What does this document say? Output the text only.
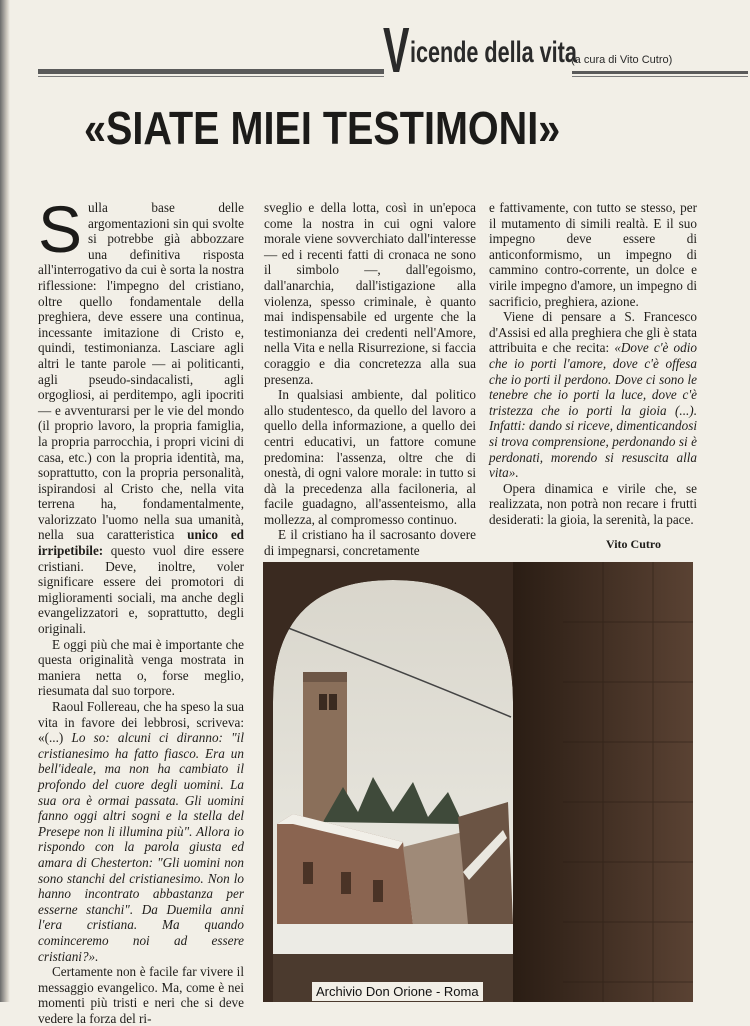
V icende della vita
(a cura di Vito Cutro)
«SIATE MIEI TESTIMONI»

Sulla base delle argomentazioni sin qui svolte si potrebbe già abbozzare una definitiva risposta all'interrogativo da cui è sorta la nostra riflessione: l'impegno del cristiano, oltre quello fondamentale della preghiera, deve essere una continua, incessante imitazione di Cristo e, quindi, testimonianza. Lasciare agli altri le tante parole — ai politicanti, agli pseudo-sindacalisti, agli orgogliosi, ai perditempo, agli ipocriti — e avventurarsi per le vie del mondo (il proprio lavoro, la propria famiglia, la propria parrocchia, i propri vicini di casa, etc.) con la propria identità, ma, soprattutto, con la propria personalità, ispirandosi al Cristo che, nella vita terrena ha, fondamentalmente, valorizzato l'uomo nella sua umanità, nella sua caratteristica unico ed irripetibile: questo vuol dire essere cristiani. Deve, inoltre, voler significare essere dei promotori di miglioramenti sociali, ma anche degli evangelizzatori e, soprattutto, degli originali.

E oggi più che mai è importante che questa originalità venga mostrata in maniera netta o, forse meglio, riesumata dal suo torpore.

Raoul Follereau, che ha speso la sua vita in favore dei lebbrosi, scriveva: «(...) Lo so: alcuni ci diranno: "il cristianesimo ha fatto fiasco. Era un bell'ideale, ma non ha cambiato il profondo del cuore degli uomini. La sua ora è ormai passata. Gli uomini fanno oggi altri sogni e la stella del Presepe non li illumina più". Allora io rispondo con la parola giusta ed amara di Chesterton: "Gli uomini non sono stanchi del cristianesimo. Non lo hanno incontrato abbastanza per esserne stanchi". Da Duemila anni l'era cristiana. Ma quando cominceremo noi ad essere cristiani?».

Certamente non è facile far vivere il messaggio evangelico. Ma, come è nei momenti più tristi e neri che si deve vedere la forza del ri-

sveglio e della lotta, così in un'epoca come la nostra in cui ogni valore morale viene sovverchiato dall'interesse — ed i recenti fatti di cronaca ne sono il simbolo —, dall'egoismo, dall'anarchia, dall'istigazione alla violenza, spesso criminale, è quanto mai indispensabile ed urgente che la testimonianza dei credenti nell'Amore, nella Vita e nella Risurrezione, si faccia coraggio e dia concretezza alla sua presenza.

In qualsiasi ambiente, dal politico allo studentesco, da quello del lavoro a quello della informazione, a quello dei centri educativi, un fattore comune predomina: l'assenza, oltre che di onestà, di ogni valore morale: in tutto si dà la precedenza alla faciloneria, al facile guadagno, all'assenteismo, alla mollezza, al compromesso continuo.

E il cristiano ha il sacrosanto dovere di impegnarsi, concretamente

e fattivamente, con tutto se stesso, per il mutamento di simili realtà. E il suo impegno deve essere di anticonformismo, un impegno di cammino contro-corrente, un dolce e virile impegno d'amore, un impegno di sacrificio, preghiera, azione.

Viene di pensare a S. Francesco d'Assisi ed alla preghiera che gli è stata attribuita e che recita: «Dove c'è odio che io porti l'amore, dove c'è offesa che io porti il perdono. Dove ci sono le tenebre che io porti la luce, dove c'è tristezza che io porti la gioia (...). Infatti: dando si riceve, dimenticandosi si trova comprensione, perdonando si è perdonati, morendo si resuscita alla vita».

Opera dinamica e virile che, se realizzata, non potrà non recare i frutti desiderati: la gioia, la serenità, la pace.

Vito Cutro
Archivio Don Orione - Roma
